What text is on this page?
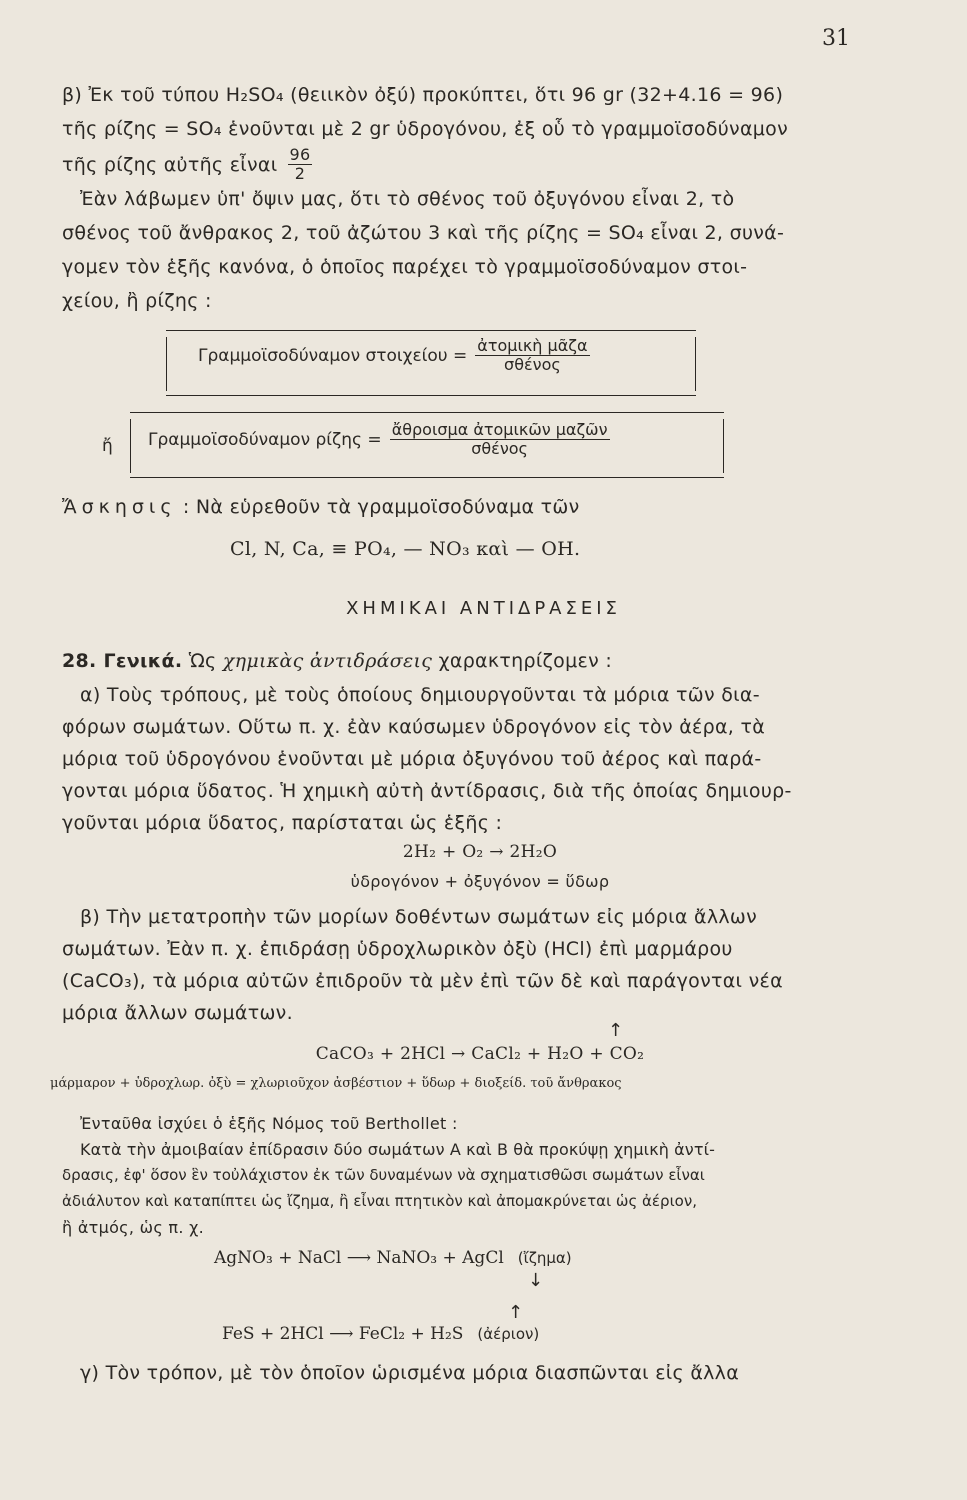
31
β) Ἐκ τοῦ τύπου H₂SO₄ (θειικὸν ὀξύ) προκύπτει, ὅτι 96 gr (32+4.16 = 96)
τῆς ρίζης = SO₄ ἑνοῦνται μὲ 2 gr ὑδρογόνου, ἐξ οὗ τὸ γραμμοϊσοδύναμον
τῆς ρίζης αὐτῆς εἶναι $\frac{96}{2}$
Ἐὰν λάβωμεν ὑπ' ὄψιν μας, ὅτι τὸ σθένος τοῦ ὀξυγόνου εἶναι 2, τὸ
σθένος τοῦ ἄνθρακος 2, τοῦ ἀζώτου 3 καὶ τῆς ρίζης = SO₄ εἶναι 2, συνά-
γομεν τὸν ἑξῆς κανόνα, ὁ ὁποῖος παρέχει τὸ γραμμοϊσοδύναμον στοι-
χείου, ἢ ρίζης :
Γραμμοϊσοδύναμον $\sigma\tau o\iota\chi\varepsilon ίo\upsilon = \frac{\text{ἀτομικὴ μᾶζα}}{\text{σθένος}}$
ἤ Γραμμοϊσοδύναμον $\rho ί\zeta\eta\varsigma = \frac{\text{ἄθροισμα ἀτομικῶν μαζῶν}}{\text{σθένος}}$
Ἄσκησις : Νὰ εὑρεθοῦν τὰ γραμμοϊσοδύναμα τῶν
Cl, N, Ca, ≡ PO₄, — NO₃ καὶ — OH.
ΧΗΜΙΚΑΙ ΑΝΤΙΔΡΑΣΕΙΣ
28. Γενικά. Ὡς χημικὰς ἀντιδράσεις χαρακτηρίζομεν :
α) Τοὺς τρόπους, μὲ τοὺς ὁποίους δημιουργοῦνται τὰ μόρια τῶν δια-
φόρων σωμάτων. Οὕτω π. χ. ἐὰν καύσωμεν ὑδρογόνον εἰς τὸν ἀέρα, τὰ
μόρια τοῦ ὑδρογόνου ἑνοῦνται μὲ μόρια ὀξυγόνου τοῦ ἀέρος καὶ παρά-
γονται μόρια ὕδατος. Ἡ χημικὴ αὐτὴ ἀντίδρασις, διὰ τῆς ὁποίας δημιουρ-
γοῦνται μόρια ὕδατος, παρίσταται ὡς ἑξῆς :
2H₂ + O₂ → 2H₂O
ὑδρογόνον + ὀξυγόνον = ὕδωρ
β) Τὴν μετατροπὴν τῶν μορίων δοθέντων σωμάτων εἰς μόρια ἄλλων
σωμάτων. Ἐὰν π. χ. ἐπιδράσῃ ὑδροχλωρικὸν ὀξὺ (HCl) ἐπὶ μαρμάρου
(CaCO₃), τὰ μόρια αὐτῶν ἐπιδροῦν τὰ μὲν ἐπὶ τῶν δὲ καὶ παράγονται νέα
μόρια ἄλλων σωμάτων.
↑
CaCO₃ + 2HCl → CaCl₂ + H₂O + CO₂
μάρμαρον + ὑδροχλωρ. ὀξὺ = χλωριοῦχον ἀσβέστιον + ὕδωρ + διοξείδ. τοῦ ἄνθρακος
Ἐνταῦθα ἰσχύει ὁ ἑξῆς Νόμος τοῦ Berthollet :
Κατὰ τὴν ἀμοιβαίαν ἐπίδρασιν δύο σωμάτων Α καὶ Β θὰ προκύψῃ χημικὴ ἀντί-
δρασις, ἐφ' ὅσον ἓν τοὐλάχιστον ἐκ τῶν δυναμένων νὰ σχηματισθῶσι σωμάτων εἶναι
ἀδιάλυτον καὶ καταπίπτει ὡς ἴζημα, ἢ εἶναι πτητικὸν καὶ ἀπομακρύνεται ὡς ἀέριον,
ἢ ἀτμός, ὡς π. χ.
AgNO₃ + NaCl ⟶ NaNO₃ + AgCl (ἴζημα)
↓
↑
FeS + 2HCl ⟶ FeCl₂ + H₂S (ἀέριον)
γ) Τὸν τρόπον, μὲ τὸν ὁποῖον ὡρισμένα μόρια διασπῶνται εἰς ἄλλα
